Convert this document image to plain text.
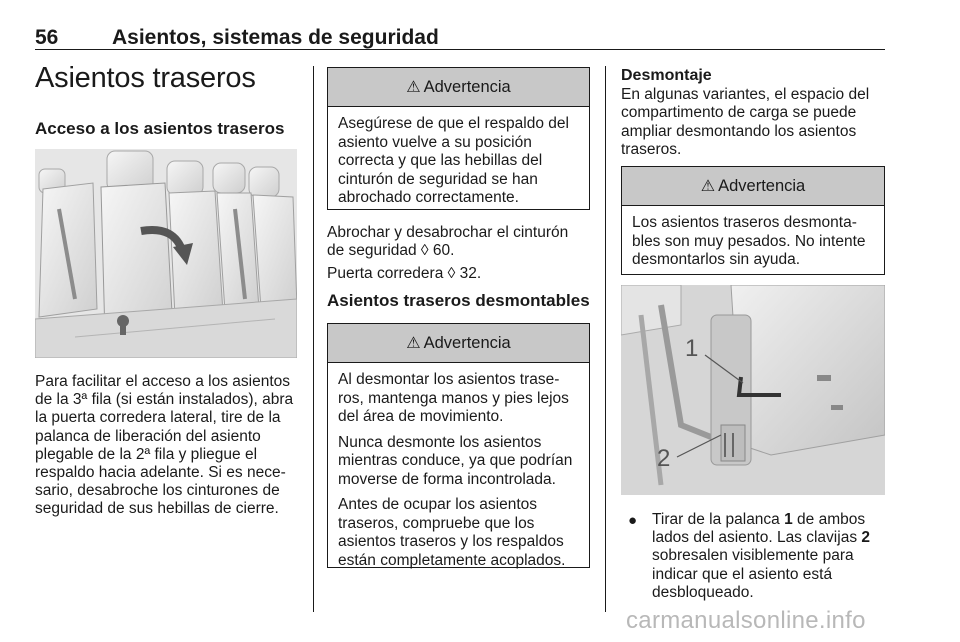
56	Asientos, sistemas de seguridad
Asientos traseros
Acceso a los asientos traseros

Para facilitar el acceso a los asientos

de la 3ª fila (si están instalados), abra

la puerta corredera lateral, tire de la

palanca de liberación del asiento

plegable de la 2ª fila y pliegue el

respaldo hacia adelante. Si es nece-

sario, desabroche los cinturones de

seguridad de sus hebillas de cierre.

⚠ Advertencia
Asegúrese de que el respaldo del
asiento vuelve a su posición
correcta y que las hebillas del
cinturón de seguridad se han
abrochado correctamente.

Abrochar y desabrochar el cinturón

de seguridad ◊ 60.

Puerta corredera ◊ 32.

Asientos traseros desmontables
⚠ Advertencia

Al desmontar los asientos trase-
ros, mantenga manos y pies lejos
del área de movimiento.

Nunca desmonte los asientos
mientras conduce, ya que podrían
moverse de forma incontrolada.

Antes de ocupar los asientos
traseros, compruebe que los
asientos traseros y los respaldos
están completamente acoplados.

Desmontaje

En algunas variantes, el espacio del

compartimento de carga se puede

ampliar desmontando los asientos

traseros.

⚠ Advertencia
Los asientos traseros desmonta-
bles son muy pesados. No intente
desmontarlos sin ayuda.
1
2
● Tirar de la palanca 1 de ambos

lados del asiento. Las clavijas 2

sobresalen visiblemente para

indicar que el asiento está

desbloqueado.

carmanualsonline.info
